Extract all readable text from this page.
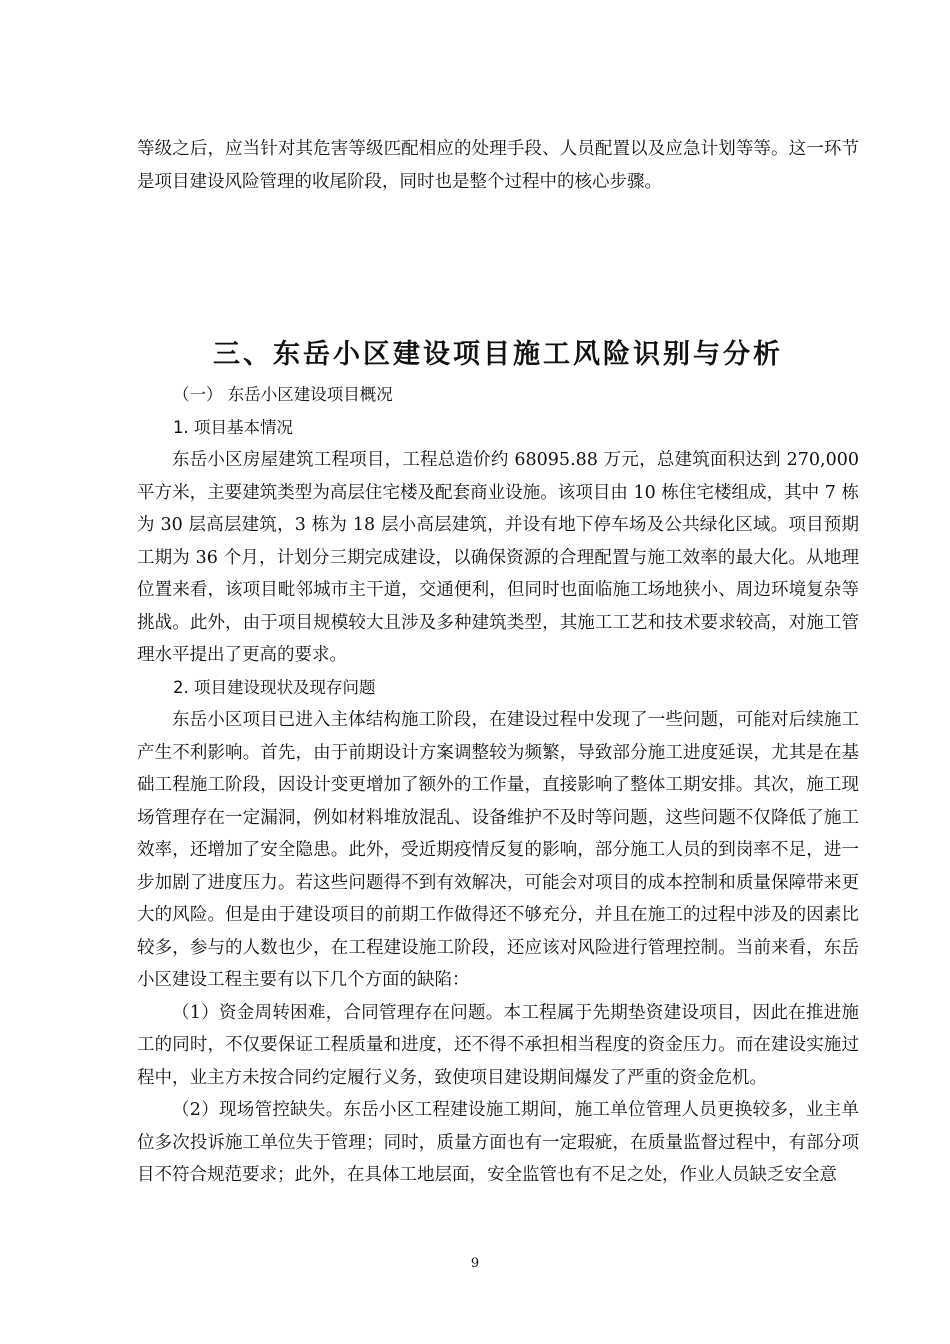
等级之后，应当针对其危害等级匹配相应的处理手段、人员配置以及应急计划等等。这一环节是项目建设风险管理的收尾阶段，同时也是整个过程中的核心步骤。

三、东岳小区建设项目施工风险识别与分析

（一） 东岳小区建设项目概况

1. 项目基本情况

东岳小区房屋建筑工程项目，工程总造价约 68095.88 万元，总建筑面积达到 270,000 平方米，主要建筑类型为高层住宅楼及配套商业设施。该项目由 10 栋住宅楼组成，其中 7 栋为 30 层高层建筑，3 栋为 18 层小高层建筑，并设有地下停车场及公共绿化区域。项目预期工期为 36 个月，计划分三期完成建设，以确保资源的合理配置与施工效率的最大化。从地理位置来看，该项目毗邻城市主干道，交通便利，但同时也面临施工场地狭小、周边环境复杂等挑战。此外，由于项目规模较大且涉及多种建筑类型，其施工工艺和技术要求较高，对施工管理水平提出了更高的要求。

2. 项目建设现状及现存问题

东岳小区项目已进入主体结构施工阶段，在建设过程中发现了一些问题，可能对后续施工产生不利影响。首先，由于前期设计方案调整较为频繁，导致部分施工进度延误，尤其是在基础工程施工阶段，因设计变更增加了额外的工作量，直接影响了整体工期安排。其次，施工现场管理存在一定漏洞，例如材料堆放混乱、设备维护不及时等问题，这些问题不仅降低了施工效率，还增加了安全隐患。此外，受近期疫情反复的影响，部分施工人员的到岗率不足，进一步加剧了进度压力。若这些问题得不到有效解决，可能会对项目的成本控制和质量保障带来更大的风险。但是由于建设项目的前期工作做得还不够充分，并且在施工的过程中涉及的因素比较多，参与的人数也少，在工程建设施工阶段，还应该对风险进行管理控制。当前来看，东岳小区建设工程主要有以下几个方面的缺陷：

（1）资金周转困难，合同管理存在问题。本工程属于先期垫资建设项目，因此在推进施工的同时，不仅要保证工程质量和进度，还不得不承担相当程度的资金压力。而在建设实施过程中，业主方未按合同约定履行义务，致使项目建设期间爆发了严重的资金危机。

（2）现场管控缺失。东岳小区工程建设施工期间，施工单位管理人员更换较多，业主单位多次投诉施工单位失于管理；同时，质量方面也有一定瑕疵，在质量监督过程中，有部分项目不符合规范要求；此外，在具体工地层面，安全监管也有不足之处，作业人员缺乏安全意

9
